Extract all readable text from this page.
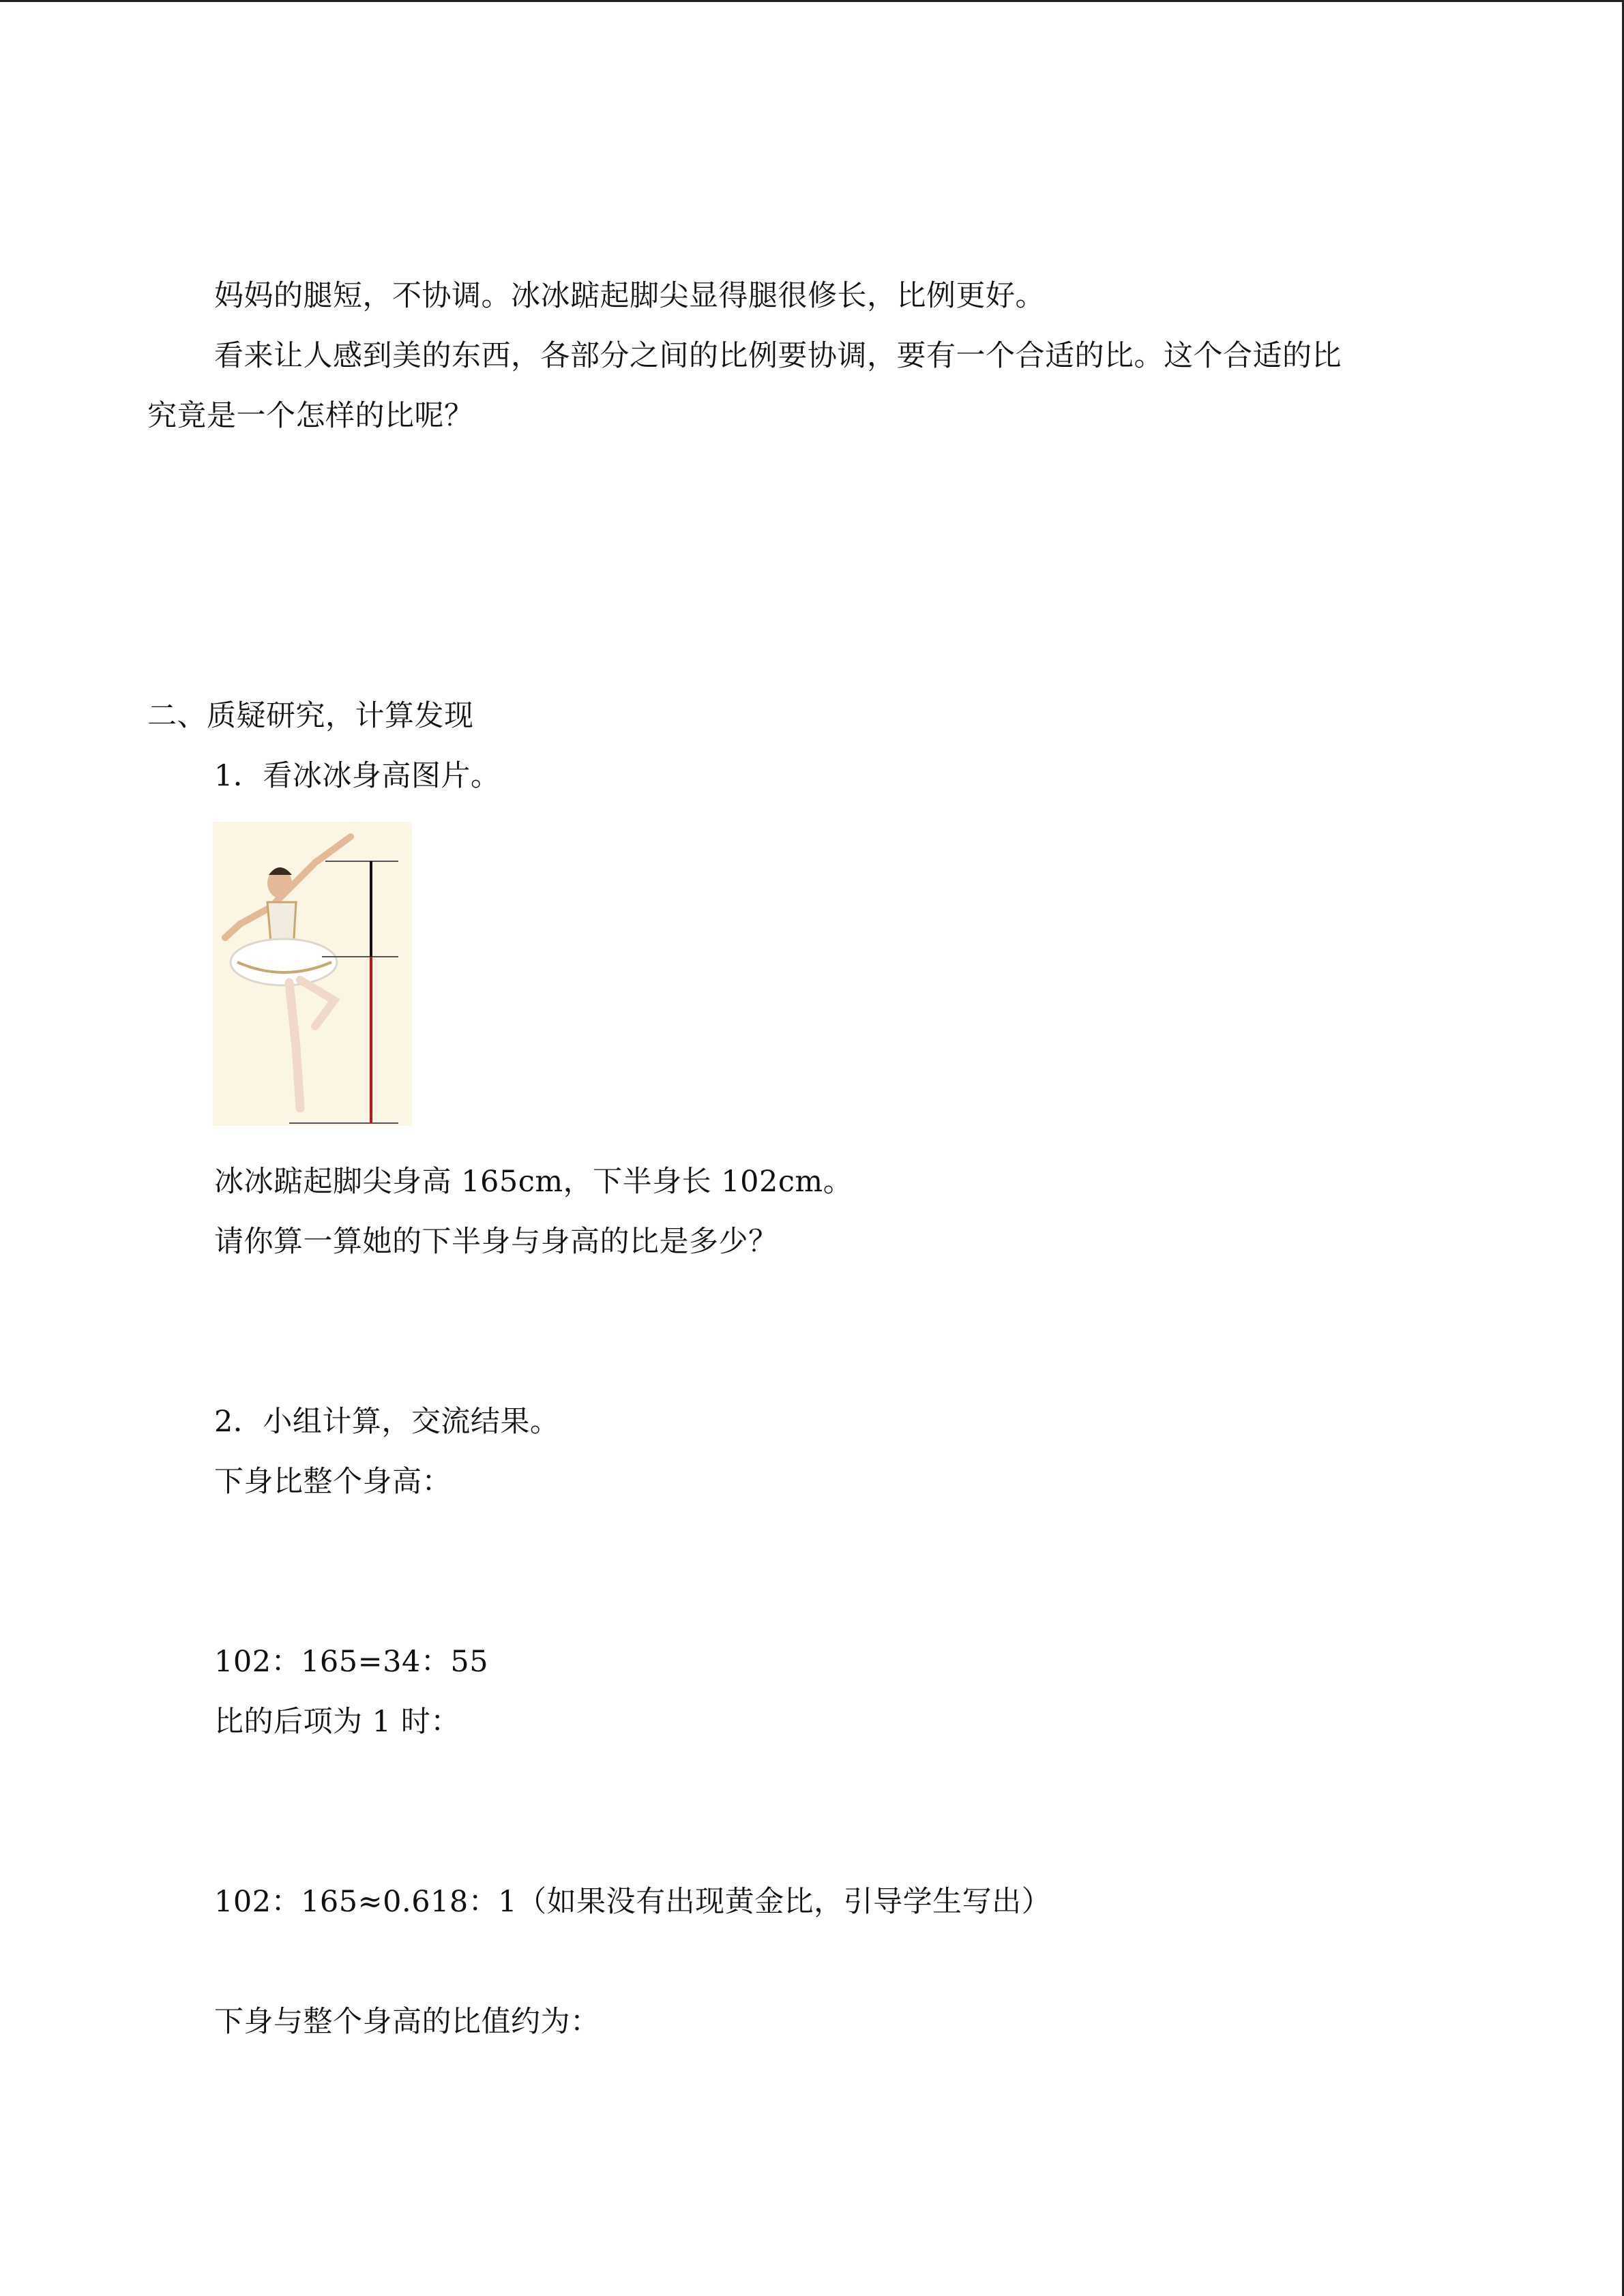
妈妈的腿短，不协调。冰冰踮起脚尖显得腿很修长，比例更好。
看来让人感到美的东西，各部分之间的比例要协调，要有一个合适的比。这个合适的比
究竟是一个怎样的比呢？
二、质疑研究，计算发现
1．看冰冰身高图片。
冰冰踮起脚尖身高 165cm，下半身长 102cm。
请你算一算她的下半身与身高的比是多少？
2．小组计算，交流结果。
下身比整个身高：
102：165=34：55
比的后项为 1 时：
102：165≈0.618：1（如果没有出现黄金比，引导学生写出）
下身与整个身高的比值约为：
